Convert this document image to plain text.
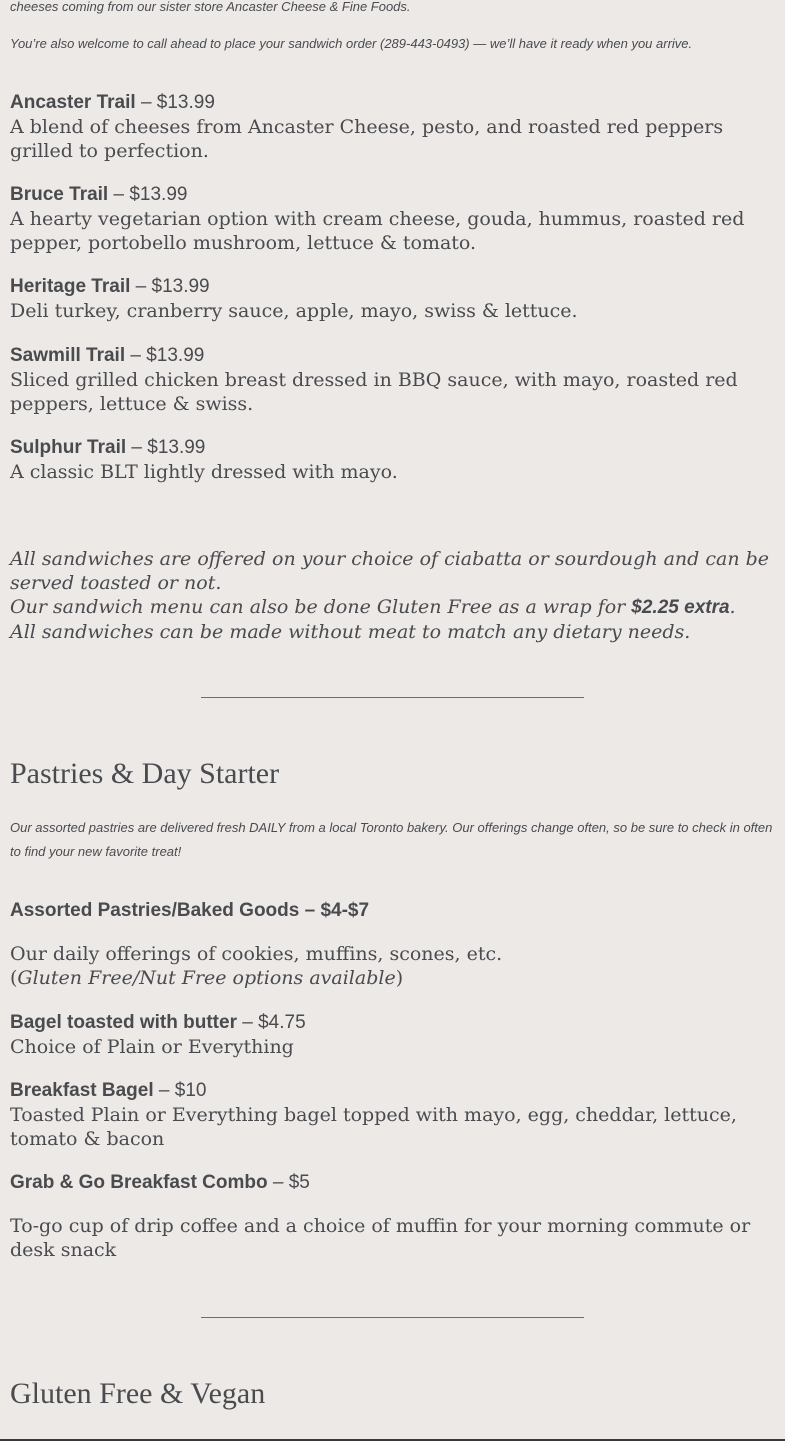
cheeses coming from our sister store Ancaster Cheese & Fine Foods.
You’re also welcome to call ahead to place your sandwich order (289-443-0493) — we’ll have it ready when you arrive.
Ancaster Trail – $13.99
A blend of cheeses from Ancaster Cheese, pesto, and roasted red peppers grilled to perfection.
Bruce Trail – $13.99
A hearty vegetarian option with cream cheese, gouda, hummus, roasted red pepper, portobello mushroom, lettuce & tomato.
Heritage Trail – $13.99
Deli turkey, cranberry sauce, apple, mayo, swiss & lettuce.
Sawmill Trail – $13.99
Sliced grilled chicken breast dressed in BBQ sauce, with mayo, roasted red peppers, lettuce & swiss.
Sulphur Trail – $13.99
A classic BLT lightly dressed with mayo.
All sandwiches are offered on your choice of ciabatta or sourdough and can be served toasted or not.
Our sandwich menu can also be done Gluten Free as a wrap for $2.25 extra.
All sandwiches can be made without meat to match any dietary needs.
Pastries & Day Starter
Our assorted pastries are delivered fresh DAILY from a local Toronto bakery. Our offerings change often, so be sure to check in often to find your new favorite treat!
Assorted Pastries/Baked Goods – $4-$7
Our daily offerings of cookies, muffins, scones, etc.
(Gluten Free/Nut Free options available)
Bagel toasted with butter – $4.75
Choice of Plain or Everything
Breakfast Bagel – $10
Toasted Plain or Everything bagel topped with mayo, egg, cheddar, lettuce, tomato & bacon
Grab & Go Breakfast Combo – $5
To-go cup of drip coffee and a choice of muffin for your morning commute or desk snack
Gluten Free & Vegan
